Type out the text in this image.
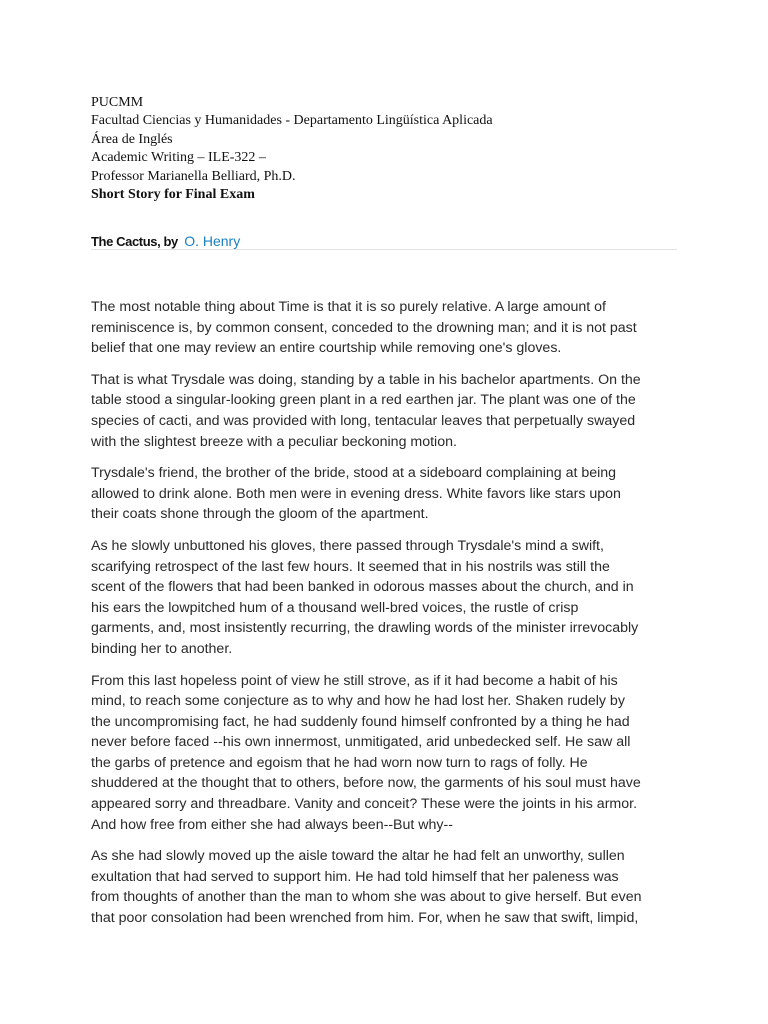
PUCMM
Facultad Ciencias y Humanidades - Departamento Lingüística Aplicada
Área de Inglés
Academic Writing – ILE-322 –
Professor Marianella Belliard, Ph.D.
Short Story for Final Exam
The Cactus, by O. Henry

The most notable thing about Time is that it is so purely relative. A large amount of
reminiscence is, by common consent, conceded to the drowning man; and it is not past
belief that one may review an entire courtship while removing one's gloves.

That is what Trysdale was doing, standing by a table in his bachelor apartments. On the
table stood a singular-looking green plant in a red earthen jar. The plant was one of the
species of cacti, and was provided with long, tentacular leaves that perpetually swayed
with the slightest breeze with a peculiar beckoning motion.

Trysdale's friend, the brother of the bride, stood at a sideboard complaining at being
allowed to drink alone. Both men were in evening dress. White favors like stars upon
their coats shone through the gloom of the apartment.

As he slowly unbuttoned his gloves, there passed through Trysdale's mind a swift,
scarifying retrospect of the last few hours. It seemed that in his nostrils was still the
scent of the flowers that had been banked in odorous masses about the church, and in
his ears the lowpitched hum of a thousand well-bred voices, the rustle of crisp
garments, and, most insistently recurring, the drawling words of the minister irrevocably
binding her to another.

From this last hopeless point of view he still strove, as if it had become a habit of his
mind, to reach some conjecture as to why and how he had lost her. Shaken rudely by
the uncompromising fact, he had suddenly found himself confronted by a thing he had
never before faced --his own innermost, unmitigated, arid unbedecked self. He saw all
the garbs of pretence and egoism that he had worn now turn to rags of folly. He
shuddered at the thought that to others, before now, the garments of his soul must have
appeared sorry and threadbare. Vanity and conceit? These were the joints in his armor.
And how free from either she had always been--But why--

As she had slowly moved up the aisle toward the altar he had felt an unworthy, sullen
exultation that had served to support him. He had told himself that her paleness was
from thoughts of another than the man to whom she was about to give herself. But even
that poor consolation had been wrenched from him. For, when he saw that swift, limpid,
